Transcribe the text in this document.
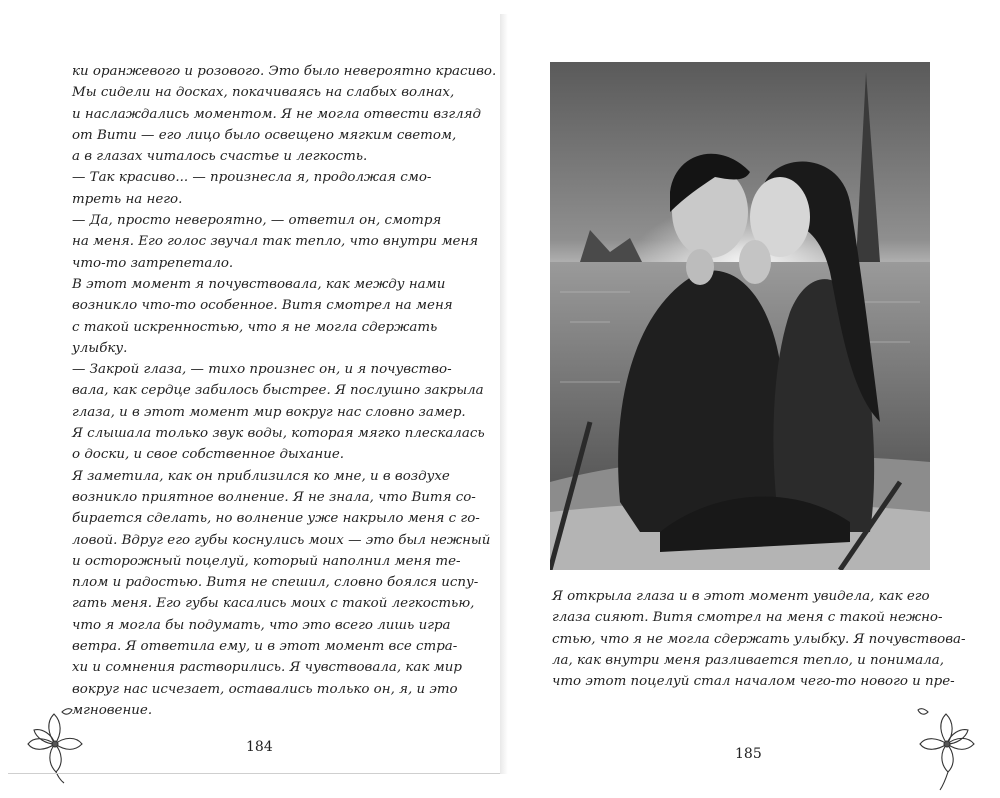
ки оранжевого и розового. Это было невероятно красиво.
Мы сидели на досках, покачиваясь на слабых волнах,
и наслаждались моментом. Я не могла отвести взгляд
от Вити — его лицо было освещено мягким светом,
а в глазах читалось счастье и легкость.
— Так красиво... — произнесла я, продолжая смо-
треть на него.
— Да, просто невероятно, — ответил он, смотря
на меня. Его голос звучал так тепло, что внутри меня
что-то затрепетало.
В этот момент я почувствовала, как между нами
возникло что-то особенное. Витя смотрел на меня
с такой искренностью, что я не могла сдержать
улыбку.
— Закрой глаза, — тихо произнес он, и я почувство-
вала, как сердце забилось быстрее. Я послушно закрыла
глаза, и в этот момент мир вокруг нас словно замер.
Я слышала только звук воды, которая мягко плескалась
о доски, и свое собственное дыхание.
Я заметила, как он приблизился ко мне, и в воздухе
возникло приятное волнение. Я не знала, что Витя со-
бирается сделать, но волнение уже накрыло меня с го-
ловой. Вдруг его губы коснулись моих — это был нежный
и осторожный поцелуй, который наполнил меня те-
плом и радостью. Витя не спешил, словно боялся испу-
гать меня. Его губы касались моих с такой легкостью,
что я могла бы подумать, что это всего лишь игра
ветра. Я ответила ему, и в этот момент все стра-
хи и сомнения растворились. Я чувствовала, как мир
вокруг нас исчезает, оставались только он, я, и это
мгновение.
184
Я открыла глаза и в этот момент увидела, как его
глаза сияют. Витя смотрел на меня с такой нежно-
стью, что я не могла сдержать улыбку. Я почувствова-
ла, как внутри меня разливается тепло, и понимала,
что этот поцелуй стал началом чего-то нового и пре-
185
